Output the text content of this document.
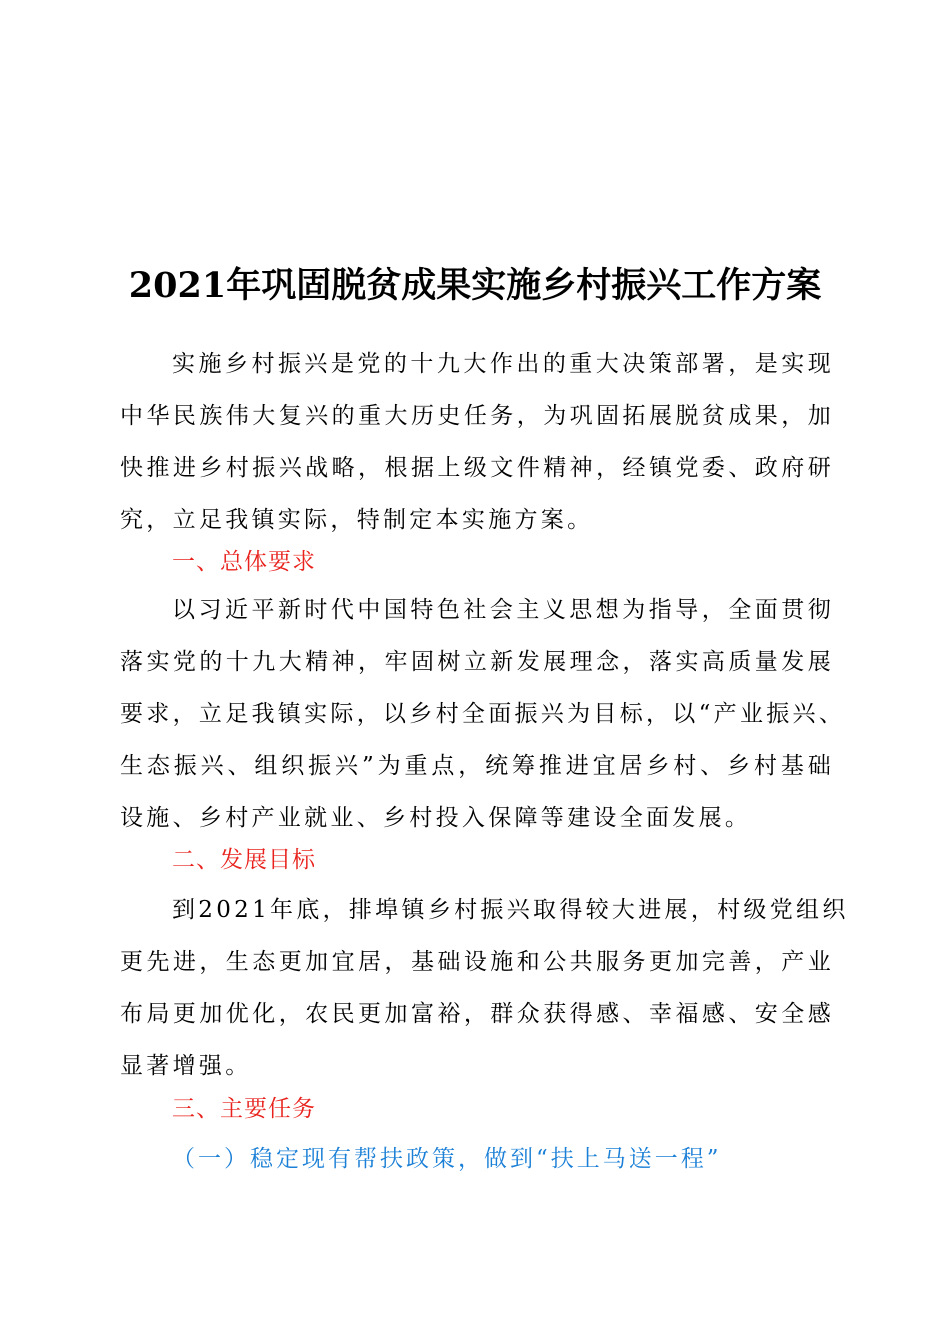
2021年巩固脱贫成果实施乡村振兴工作方案
实施乡村振兴是党的十九大作出的重大决策部署，是实现
中华民族伟大复兴的重大历史任务，为巩固拓展脱贫成果，加
快推进乡村振兴战略，根据上级文件精神，经镇党委、政府研
究，立足我镇实际，特制定本实施方案。
一、总体要求
以习近平新时代中国特色社会主义思想为指导，全面贯彻
落实党的十九大精神，牢固树立新发展理念，落实高质量发展
要求，立足我镇实际，以乡村全面振兴为目标，以“产业振兴、
生态振兴、组织振兴”为重点，统筹推进宜居乡村、乡村基础
设施、乡村产业就业、乡村投入保障等建设全面发展。
二、发展目标
到2021年底，排埠镇乡村振兴取得较大进展，村级党组织
更先进，生态更加宜居，基础设施和公共服务更加完善，产业
布局更加优化，农民更加富裕，群众获得感、幸福感、安全感
显著增强。
三、主要任务
（一）稳定现有帮扶政策，做到“扶上马送一程”
